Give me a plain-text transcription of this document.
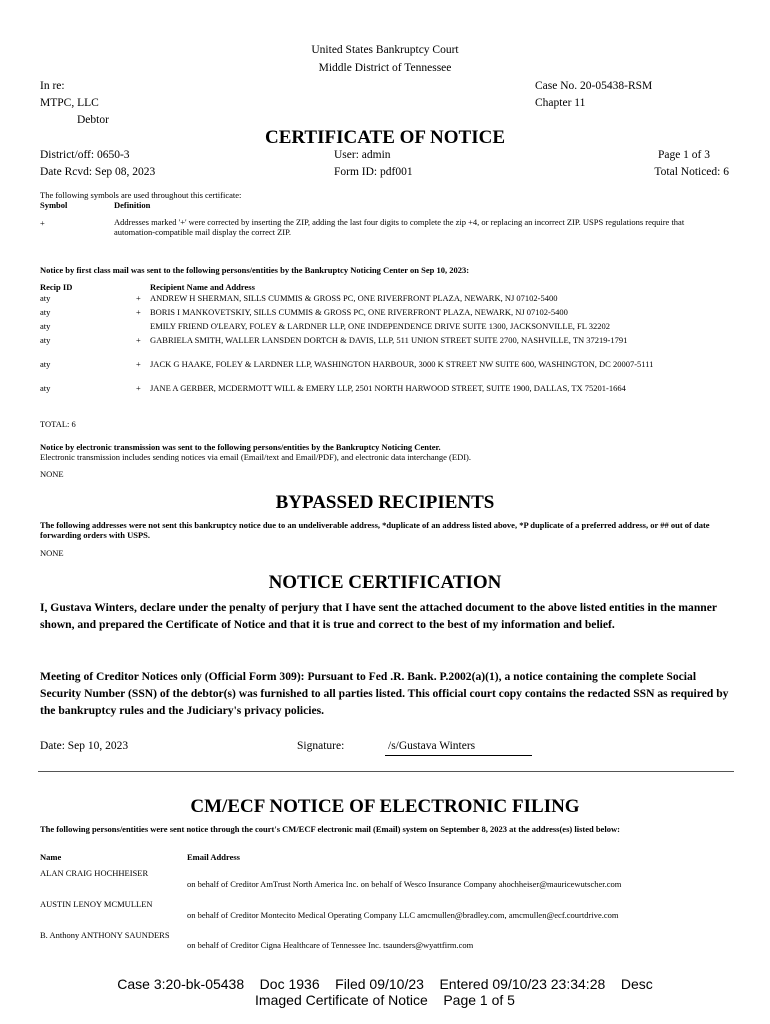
United States Bankruptcy Court
Middle District of Tennessee
In re:
MTPC, LLC
Debtor
Case No. 20-05438-RSM
Chapter 11
CERTIFICATE OF NOTICE
District/off: 0650-3
Date Rcvd: Sep 08, 2023
User: admin
Form ID: pdf001
Page 1 of 3
Total Noticed: 6
The following symbols are used throughout this certificate:
Symbol	Definition
+	Addresses marked '+' were corrected by inserting the ZIP, adding the last four digits to complete the zip +4, or replacing an incorrect ZIP. USPS regulations require that automation-compatible mail display the correct ZIP.
Notice by first class mail was sent to the following persons/entities by the Bankruptcy Noticing Center on Sep 10, 2023:
Recip ID	Recipient Name and Address
aty	+ ANDREW H SHERMAN, SILLS CUMMIS & GROSS PC, ONE RIVERFRONT PLAZA, NEWARK, NJ 07102-5400
aty	+ BORIS I MANKOVETSKIY, SILLS CUMMIS & GROSS PC, ONE RIVERFRONT PLAZA, NEWARK, NJ 07102-5400
aty	EMILY FRIEND O'LEARY, FOLEY & LARDNER LLP, ONE INDEPENDENCE DRIVE SUITE 1300, JACKSONVILLE, FL 32202
aty	+ GABRIELA SMITH, WALLER LANSDEN DORTCH & DAVIS, LLP, 511 UNION STREET SUITE 2700, NASHVILLE, TN 37219-1791
aty	+ JACK G HAAKE, FOLEY & LARDNER LLP, WASHINGTON HARBOUR, 3000 K STREET NW SUITE 600, WASHINGTON, DC 20007-5111
aty	+ JANE A GERBER, MCDERMOTT WILL & EMERY LLP, 2501 NORTH HARWOOD STREET, SUITE 1900, DALLAS, TX 75201-1664
TOTAL: 6
Notice by electronic transmission was sent to the following persons/entities by the Bankruptcy Noticing Center.
Electronic transmission includes sending notices via email (Email/text and Email/PDF), and electronic data interchange (EDI).
NONE
BYPASSED RECIPIENTS
The following addresses were not sent this bankruptcy notice due to an undeliverable address, *duplicate of an address listed above, *P duplicate of a preferred address, or ## out of date forwarding orders with USPS.
NONE
NOTICE CERTIFICATION
I, Gustava Winters, declare under the penalty of perjury that I have sent the attached document to the above listed entities in the manner shown, and prepared the Certificate of Notice and that it is true and correct to the best of my information and belief.
Meeting of Creditor Notices only (Official Form 309): Pursuant to Fed .R. Bank. P.2002(a)(1), a notice containing the complete Social Security Number (SSN) of the debtor(s) was furnished to all parties listed. This official court copy contains the redacted SSN as required by the bankruptcy rules and the Judiciary's privacy policies.
Date: Sep 10, 2023	Signature:	/s/Gustava Winters
CM/ECF NOTICE OF ELECTRONIC FILING
The following persons/entities were sent notice through the court's CM/ECF electronic mail (Email) system on September 8, 2023 at the address(es) listed below:
Name	Email Address
ALAN CRAIG HOCHHEISER
on behalf of Creditor AmTrust North America Inc. on behalf of Wesco Insurance Company ahochheiser@mauricewutscher.com
AUSTIN LENOY MCMULLEN
on behalf of Creditor Montecito Medical Operating Company LLC amcmullen@bradley.com, amcmullen@ecf.courtdrive.com
B. Anthony ANTHONY SAUNDERS
on behalf of Creditor Cigna Healthcare of Tennessee Inc. tsaunders@wyattfirm.com
Case 3:20-bk-05438    Doc 1936    Filed 09/10/23    Entered 09/10/23 23:34:28    Desc
Imaged Certificate of Notice    Page 1 of 5
